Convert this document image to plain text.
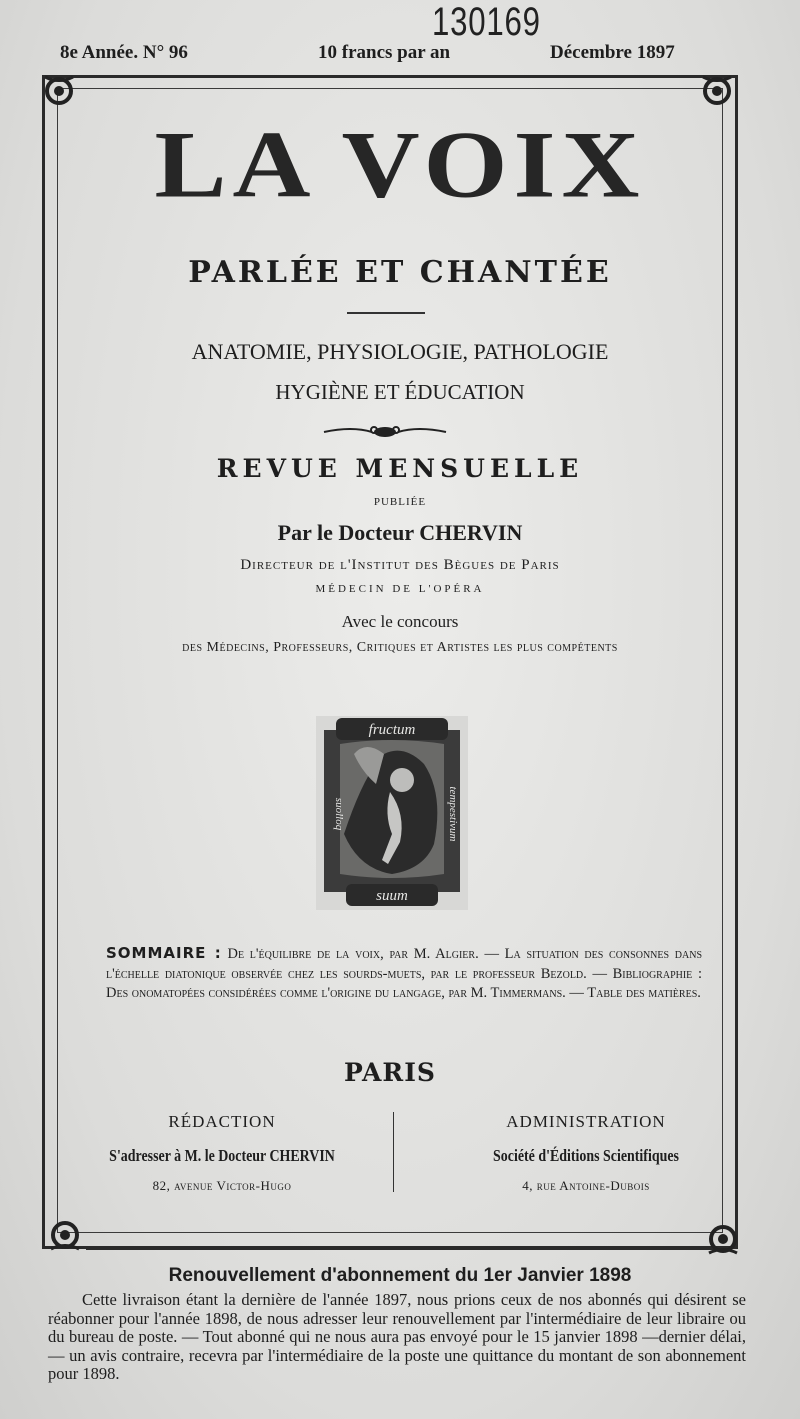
130169
8e Année. N° 96	10 francs par an	Décembre 1897
LA VOIX
PARLÉE ET CHANTÉE
ANATOMIE, PHYSIOLOGIE, PATHOLOGIE
HYGIÈNE ET ÉDUCATION
REVUE MENSUELLE
PUBLIÉE
Par le Docteur CHERVIN
Directeur de l'Institut des Bègues de Paris
MÉDECIN DE L'OPÉRA
Avec le concours
des Médecins, Professeurs, Critiques et Artistes les plus compétents
fructum
suum
suolloq	tempestivum
SOMMAIRE : De l'équilibre de la voix, par M. Algier. — La situation des consonnes dans l'échelle diatonique observée chez les sourds-muets, par le professeur Bezold. — Bibliographie : Des onomatopées considérées comme l'origine du langage, par M. Timmermans. — Table des matières.
PARIS
RÉDACTION
S'adresser à M. le Docteur CHERVIN
82, avenue Victor-Hugo
ADMINISTRATION
Société d'Éditions Scientifiques
4, rue Antoine-Dubois
Renouvellement d'abonnement du 1er Janvier 1898
Cette livraison étant la dernière de l'année 1897, nous prions ceux de nos abonnés qui désirent se réabonner pour l'année 1898, de nous adresser leur renouvellement par l'intermédiaire de leur libraire ou du bureau de poste. — Tout abonné qui ne nous aura pas envoyé pour le 15 janvier 1898 —dernier délai, — un avis contraire, recevra par l'intermédiaire de la poste une quittance du montant de son abonnement pour 1898.
